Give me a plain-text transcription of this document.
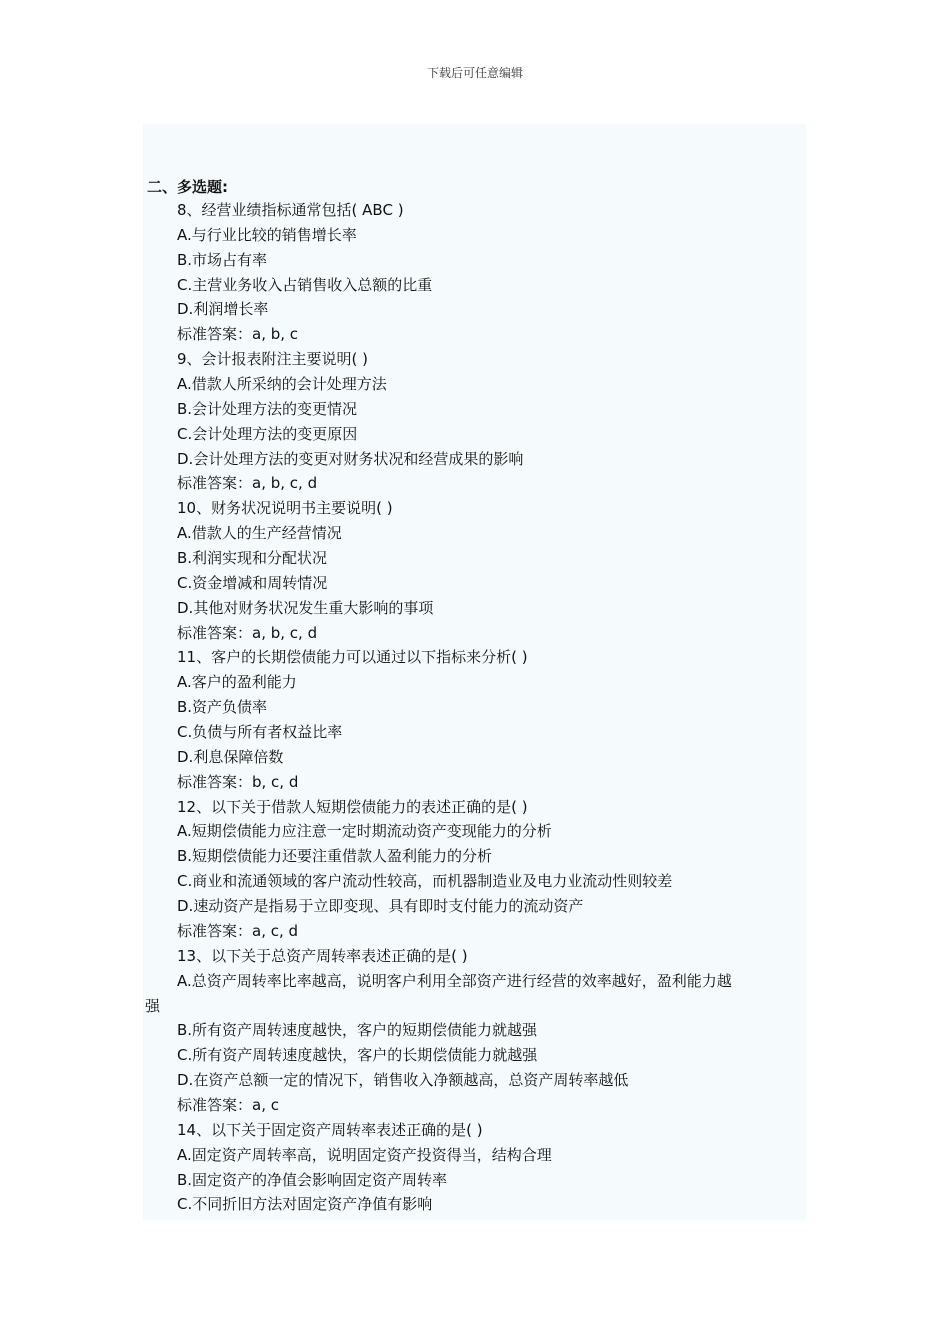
下载后可任意编辑
二、多选题:
8、经营业绩指标通常包括( ABC )
A.与行业比较的销售增长率
B.市场占有率
C.主营业务收入占销售收入总额的比重
D.利润增长率
标准答案：a, b, c
9、会计报表附注主要说明( )
A.借款人所采纳的会计处理方法
B.会计处理方法的变更情况
C.会计处理方法的变更原因
D.会计处理方法的变更对财务状况和经营成果的影响
标准答案：a, b, c, d
10、财务状况说明书主要说明( )
A.借款人的生产经营情况
B.利润实现和分配状况
C.资金增减和周转情况
D.其他对财务状况发生重大影响的事项
标准答案：a, b, c, d
11、客户的长期偿债能力可以通过以下指标来分析( )
A.客户的盈利能力
B.资产负债率
C.负债与所有者权益比率
D.利息保障倍数
标准答案：b, c, d
12、以下关于借款人短期偿债能力的表述正确的是( )
A.短期偿债能力应注意一定时期流动资产变现能力的分析
B.短期偿债能力还要注重借款人盈利能力的分析
C.商业和流通领域的客户流动性较高，而机器制造业及电力业流动性则较差
D.速动资产是指易于立即变现、具有即时支付能力的流动资产
标准答案：a, c, d
13、以下关于总资产周转率表述正确的是( )
A.总资产周转率比率越高，说明客户利用全部资产进行经营的效率越好，盈利能力越
强
B.所有资产周转速度越快，客户的短期偿债能力就越强
C.所有资产周转速度越快，客户的长期偿债能力就越强
D.在资产总额一定的情况下，销售收入净额越高，总资产周转率越低
标准答案：a, c
14、以下关于固定资产周转率表述正确的是( )
A.固定资产周转率高，说明固定资产投资得当，结构合理
B.固定资产的净值会影响固定资产周转率
C.不同折旧方法对固定资产净值有影响
